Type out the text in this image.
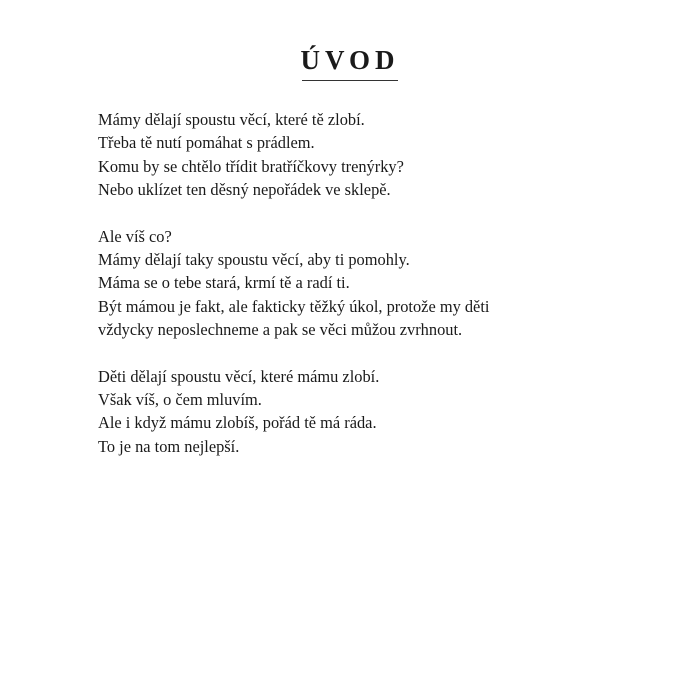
ÚVOD
Mámy dělají spoustu věcí, které tě zlobí.
Třeba tě nutí pomáhat s prádlem.
Komu by se chtělo třídit bratříčkovy trenýrky?
Nebo uklízet ten děsný nepořádek ve sklepě.
Ale víš co?
Mámy dělají taky spoustu věcí, aby ti pomohly.
Máma se o tebe stará, krmí tě a radí ti.
Být mámou je fakt, ale fakticky těžký úkol, protože my děti
vždycky neposlechneme a pak se věci můžou zvrhnout.
Děti dělají spoustu věcí, které mámu zlobí.
Však víš, o čem mluvím.
Ale i když mámu zlobíš, pořád tě má ráda.
To je na tom nejlepší.
